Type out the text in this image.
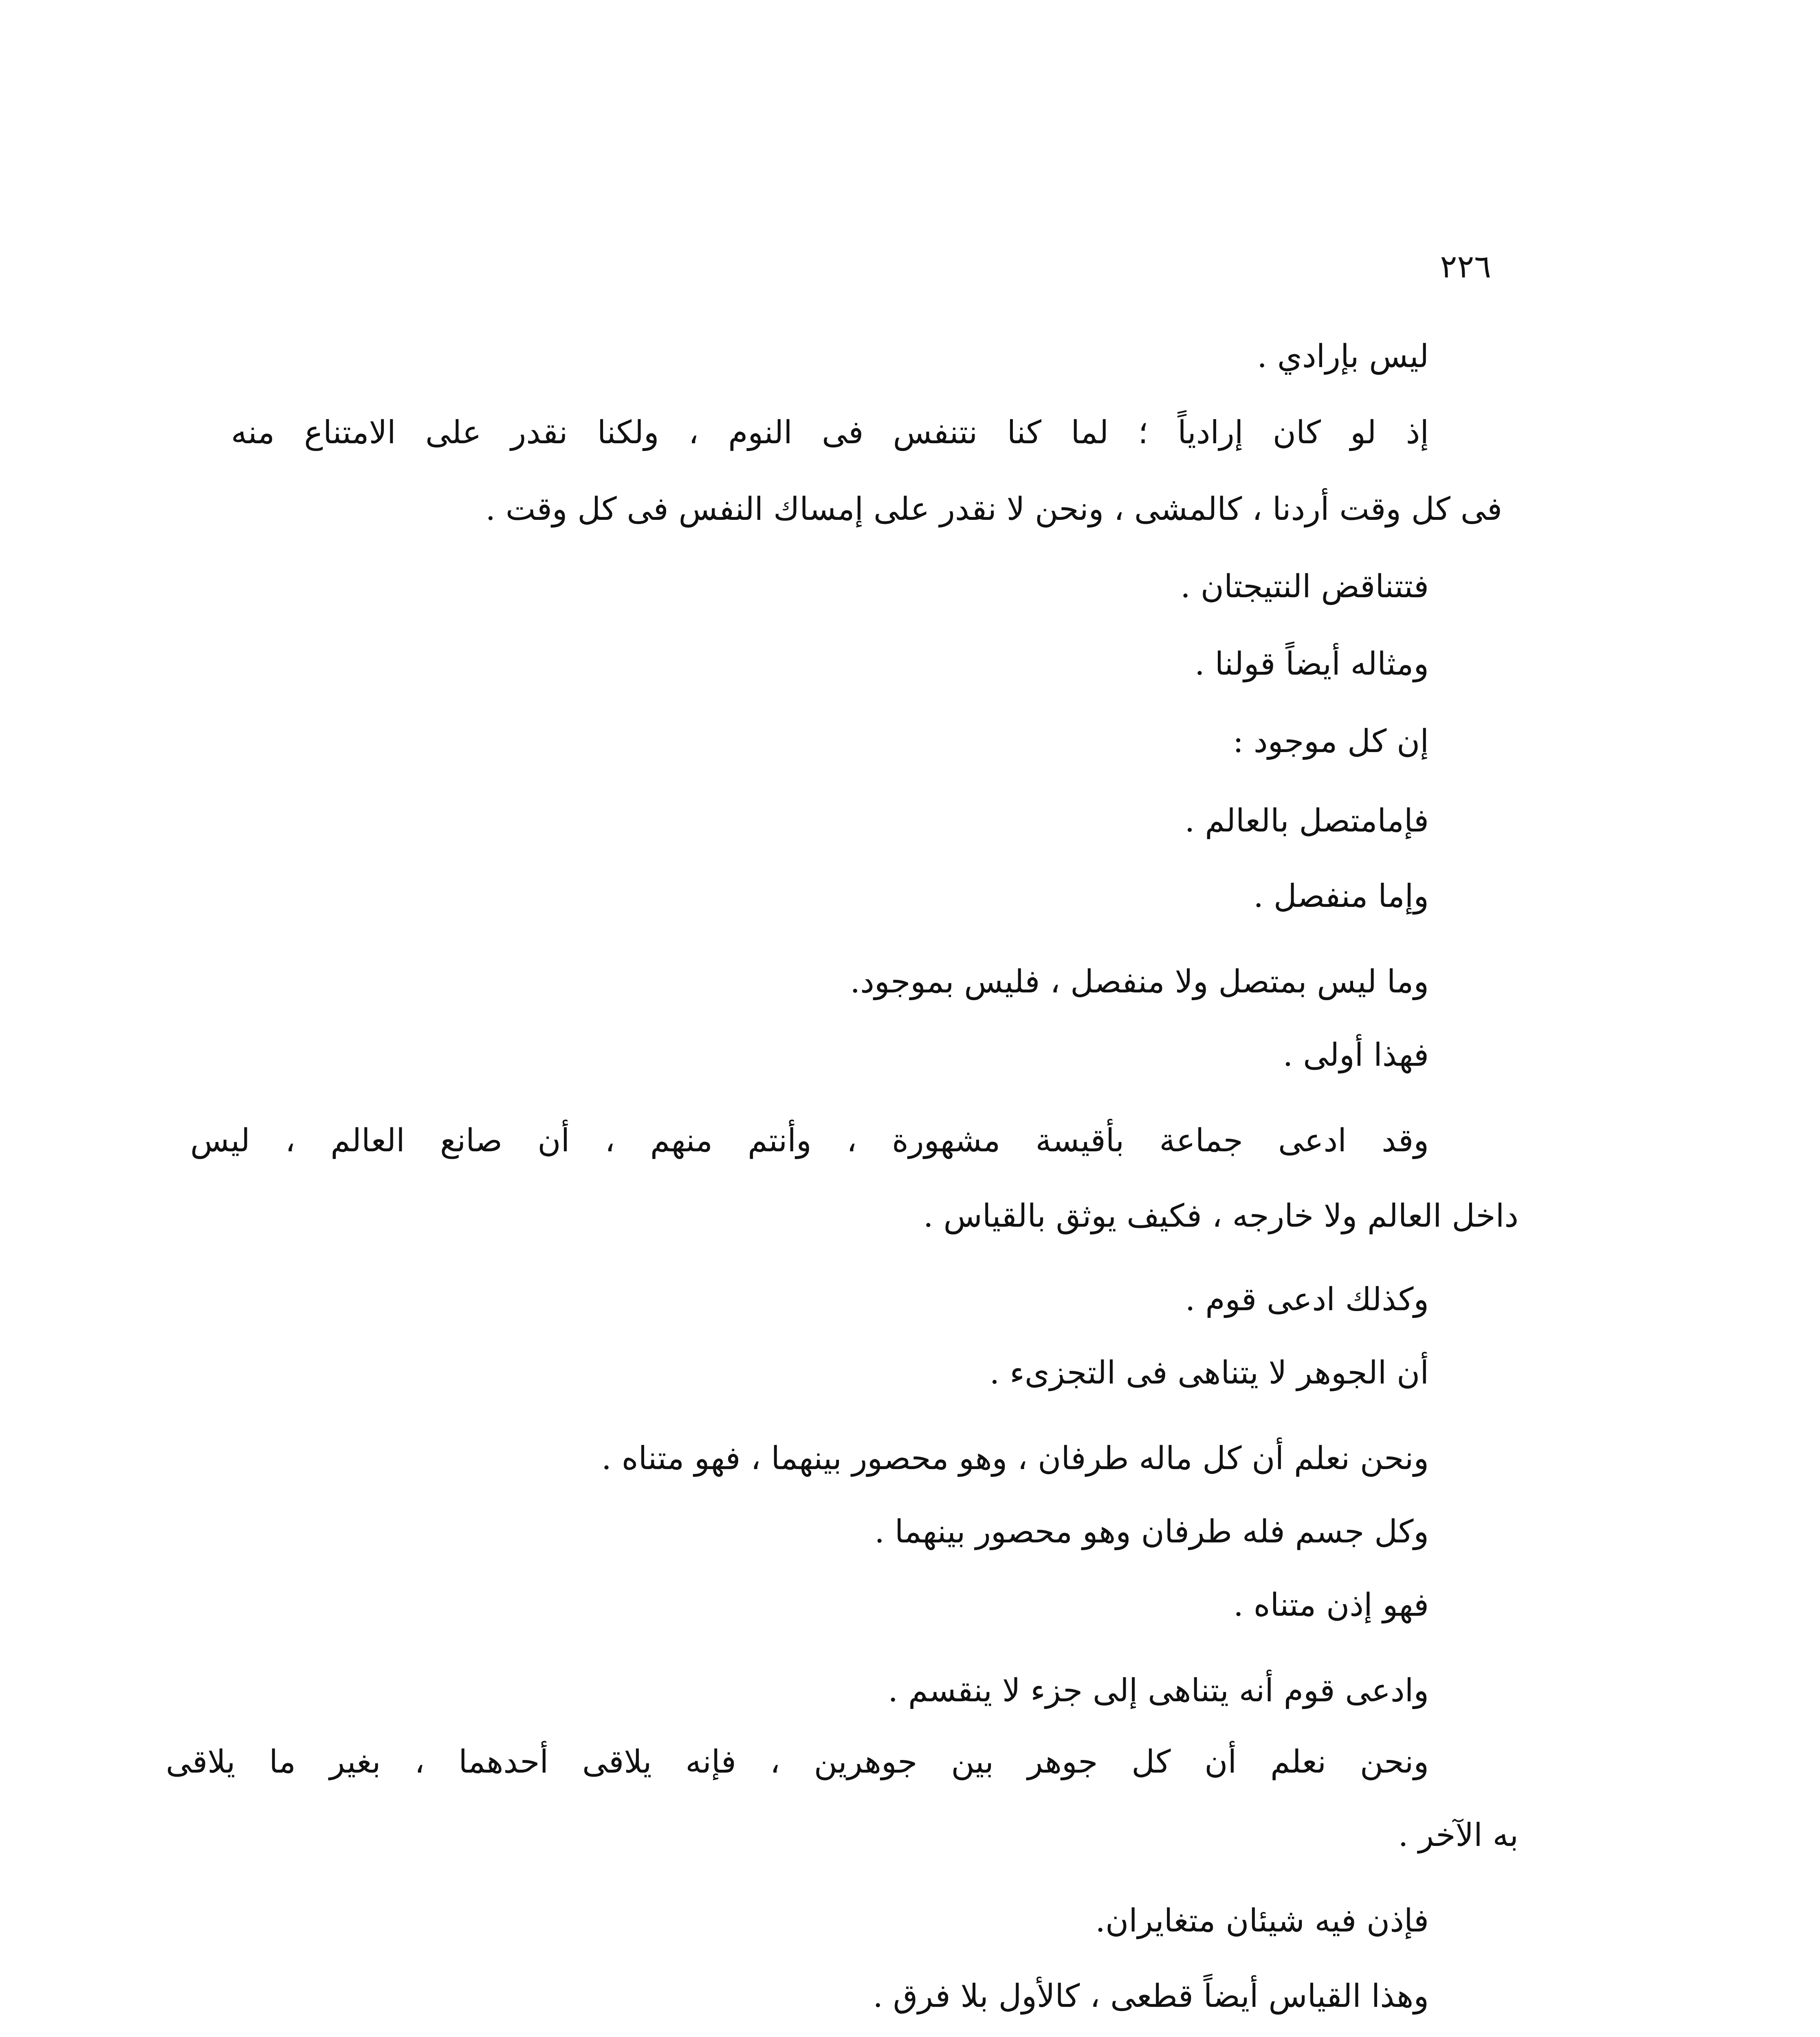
٢٢٦
ليس بإرادي .
إذ لو كان إرادياً ؛ لما كنا نتنفس فى النوم ، ولكنا نقدر على الامتناع منه
فى كل وقت أردنا ، كالمشى ، ونحن لا نقدر على إمساك النفس فى كل وقت .
فتتناقض النتيجتان .
ومثاله أيضاً قولنا .
إن كل موجود :
فإمامتصل بالعالم .
وإما منفصل .
وما ليس بمتصل ولا منفصل ، فليس بموجود.
فهذا أولى .
وقد ادعى جماعة بأقيسة مشهورة ، وأنتم منهم ، أن صانع العالم ، ليس
داخل العالم ولا خارجه ، فكيف يوثق بالقياس .
وكذلك ادعى قوم .
أن الجوهر لا يتناهى فى التجزىء .
ونحن نعلم أن كل ماله طرفان ، وهو محصور بينهما ، فهو متناه .
وكل جسم فله طرفان وهو محصور بينهما .
فهو إذن متناه .
وادعى قوم أنه يتناهى إلى جزء لا ينقسم .
ونحن نعلم أن كل جوهر بين جوهرين ، فإنه يلاقى أحدهما ، بغير ما يلاقى
به الآخر .
فإذن فيه شيئان متغايران.
وهذا القياس أيضاً قطعى ، كالأول بلا فرق .
